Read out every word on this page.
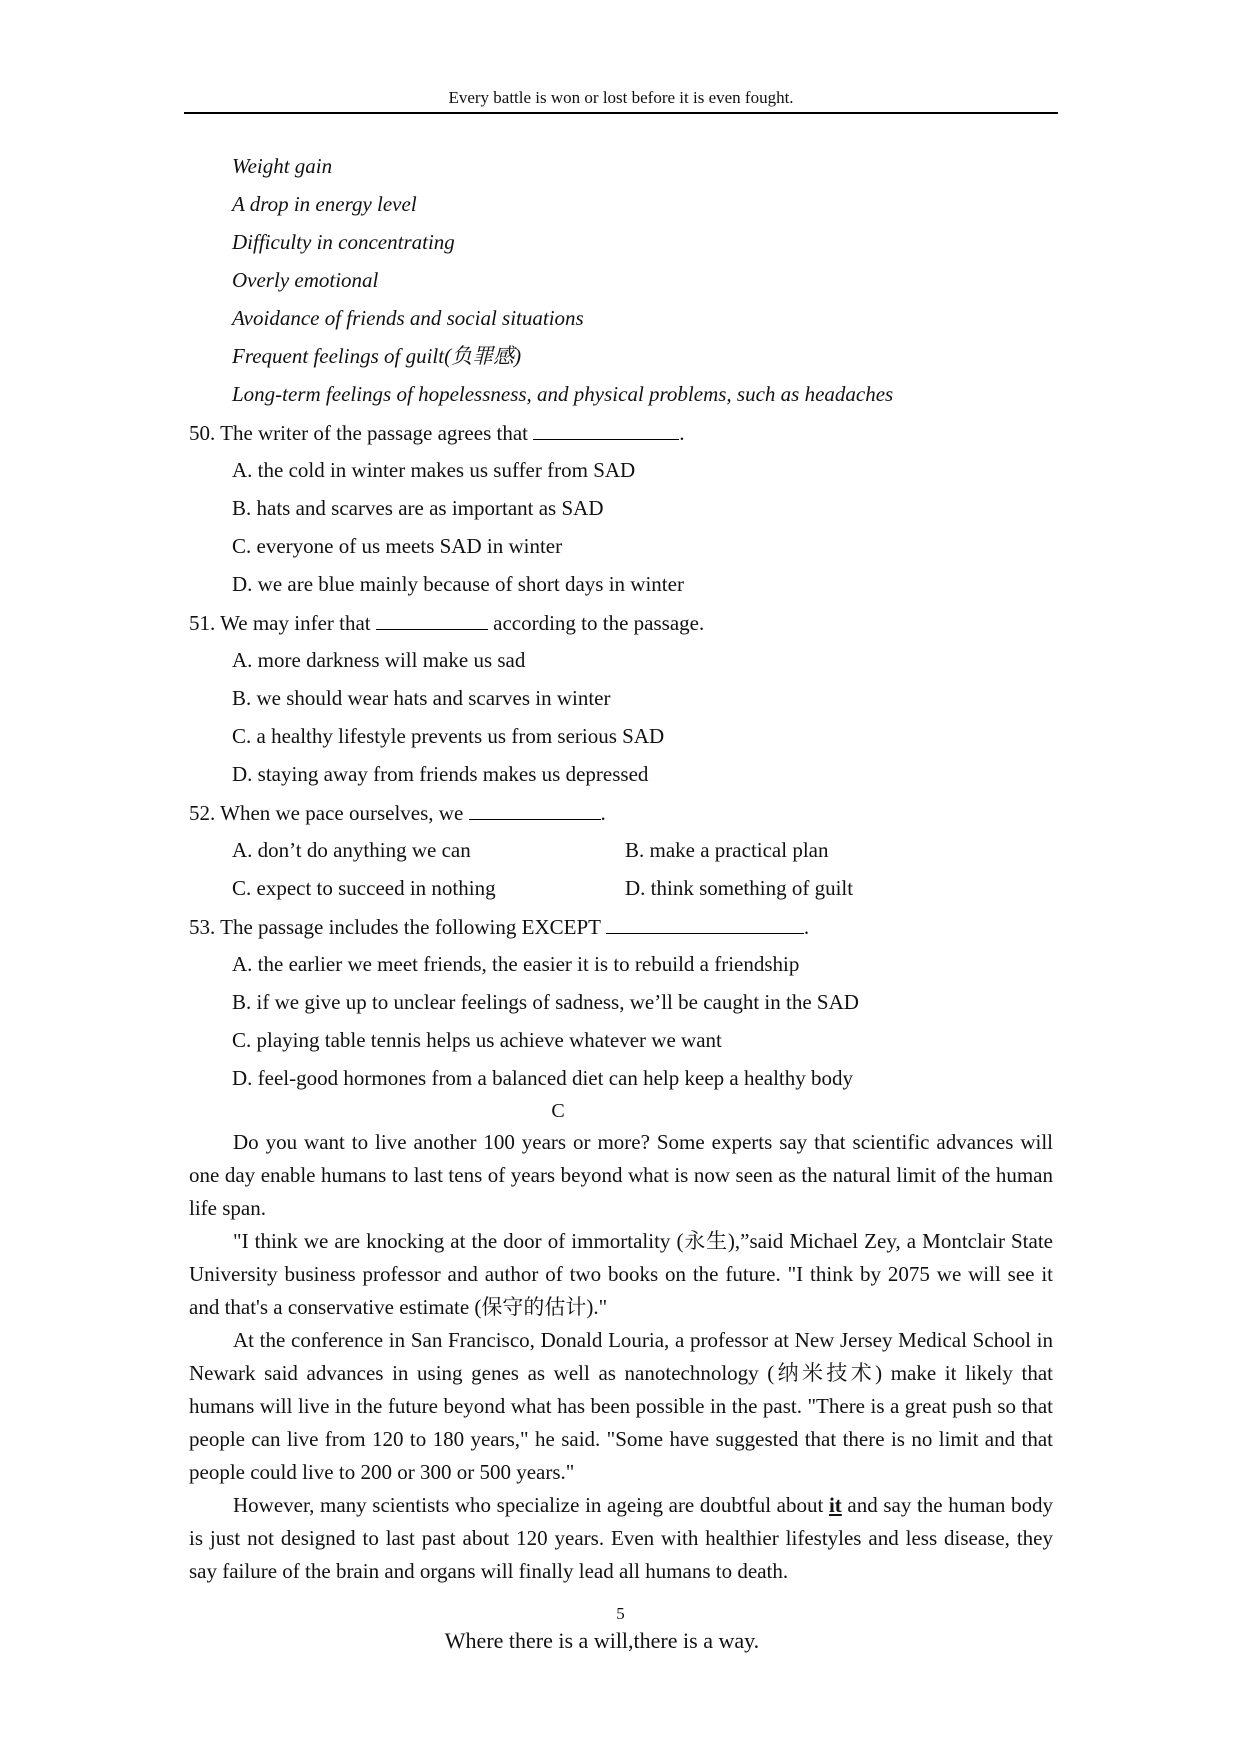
Every battle is won or lost before it is even fought.
Weight gain
A drop in energy level
Difficulty in concentrating
Overly emotional
Avoidance of friends and social situations
Frequent feelings of guilt(负罪感)
Long-term feelings of hopelessness, and physical problems, such as headaches
50. The writer of the passage agrees that	.
A. the cold in winter makes us suffer from SAD
B. hats and scarves are as important as SAD
C. everyone of us meets SAD in winter
D. we are blue mainly because of short days in winter
51. We may infer that	according to the passage.
A. more darkness will make us sad
B. we should wear hats and scarves in winter
C. a healthy lifestyle prevents us from serious SAD
D. staying away from friends makes us depressed
52. When we pace ourselves, we	.
A. don’t do anything we can	B. make a practical plan
C. expect to succeed in nothing	D. think something of guilt
53. The passage includes the following EXCEPT	.
A. the earlier we meet friends, the easier it is to rebuild a friendship
B. if we give up to unclear feelings of sadness, we’ll be caught in the SAD
C. playing table tennis helps us achieve whatever we want
D. feel-good hormones from a balanced diet can help keep a healthy body
C

Do you want to live another 100 years or more? Some experts say that scientific advances will one day enable humans to last tens of years beyond what is now seen as the natural limit of the human life span.

"I think we are knocking at the door of immortality (永生),”said Michael Zey, a Montclair State University business professor and author of two books on the future. "I think by 2075 we will see it and that's a conservative estimate (保守的估计)."

At the conference in San Francisco, Donald Louria, a professor at New Jersey Medical School in Newark said advances in using genes as well as nanotechnology (纳米技术) make it likely that humans will live in the future beyond what has been possible in the past. "There is a great push so that people can live from 120 to 180 years," he said. "Some have suggested that there is no limit and that people could live to 200 or 300 or 500 years."

However, many scientists who specialize in ageing are doubtful about it and say the human body is just not designed to last past about 120 years. Even with healthier lifestyles and less disease, they say failure of the brain and organs will finally lead all humans to death.

5
Where there is a will,there is a way.
